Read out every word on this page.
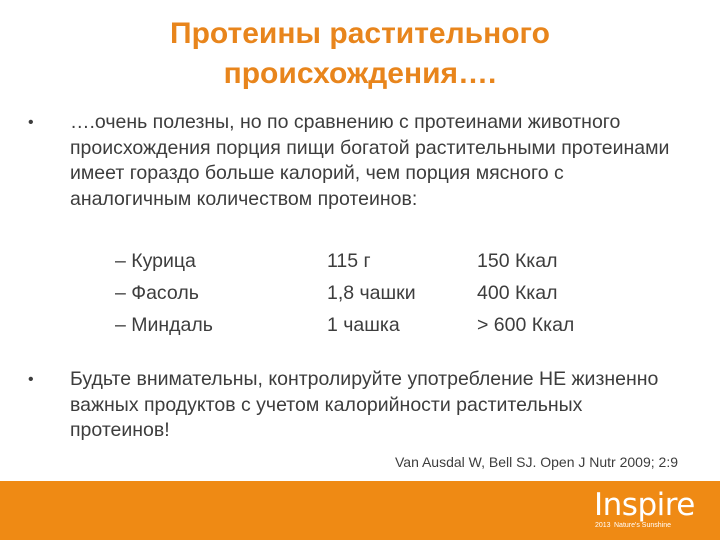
Протеины растительного
происхождения….
•	….очень полезны, но по сравнению с протеинами животного происхождения порция пищи богатой растительными протеинами имеет гораздо больше калорий, чем порция мясного с аналогичным количеством протеинов:
– Курица	115 г	150 Ккал
– Фасоль	1,8 чашки	400 Ккал
– Миндаль	1 чашка	> 600 Ккал
•	Будьте внимательны, контролируйте употребление НЕ жизненно важных продуктов с учетом калорийности растительных протеинов!
Van Ausdal W, Bell SJ. Open J Nutr 2009; 2:9
Inspire
2013 Nature's Sunshine
